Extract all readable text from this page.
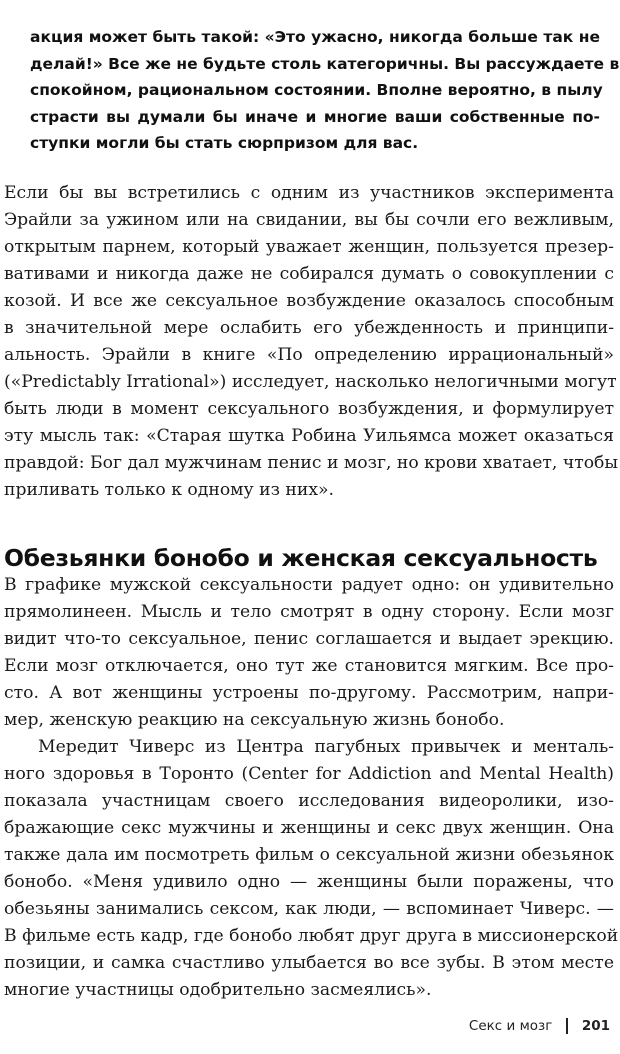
акция может быть такой: «Это ужасно, никогда больше так не
делай!» Все же не будьте столь категоричны. Вы рассуждаете в
спокойном, рациональном состоянии. Вполне вероятно, в пылу
страсти вы думали бы иначе и многие ваши собственные по-
ступки могли бы стать сюрпризом для вас.
Если бы вы встретились с одним из участников эксперимента
Эрайли за ужином или на свидании, вы бы сочли его вежливым,
открытым парнем, который уважает женщин, пользуется презер-
вативами и никогда даже не собирался думать о совокуплении с
козой. И все же сексуальное возбуждение оказалось способным
в значительной мере ослабить его убежденность и принципи-
альность. Эрайли в книге «По определению иррациональный»
(«Predictably Irrational») исследует, насколько нелогичными могут
быть люди в момент сексуального возбуждения, и формулирует
эту мысль так: «Старая шутка Робина Уильямса может оказаться
правдой: Бог дал мужчинам пенис и мозг, но крови хватает, чтобы
приливать только к одному из них».
Обезьянки бонобо и женская сексуальность
В графике мужской сексуальности радует одно: он удивительно
прямолинеен. Мысль и тело смотрят в одну сторону. Если мозг
видит что-то сексуальное, пенис соглашается и выдает эрекцию.
Если мозг отключается, оно тут же становится мягким. Все про-
сто. А вот женщины устроены по-другому. Рассмотрим, напри-
мер, женскую реакцию на сексуальную жизнь бонобо.
Мередит Чиверс из Центра пагубных привычек и менталь-
ного здоровья в Торонто (Center for Addiction and Mental Health)
показала участницам своего исследования видеоролики, изо-
бражающие секс мужчины и женщины и секс двух женщин. Она
также дала им посмотреть фильм о сексуальной жизни обезьянок
бонобо. «Меня удивило одно — женщины были поражены, что
обезьяны занимались сексом, как люди, — вспоминает Чиверс. —
В фильме есть кадр, где бонобо любят друг друга в миссионерской
позиции, и самка счастливо улыбается во все зубы. В этом месте
многие участницы одобрительно засмеялись».
Секс и мозг 201
